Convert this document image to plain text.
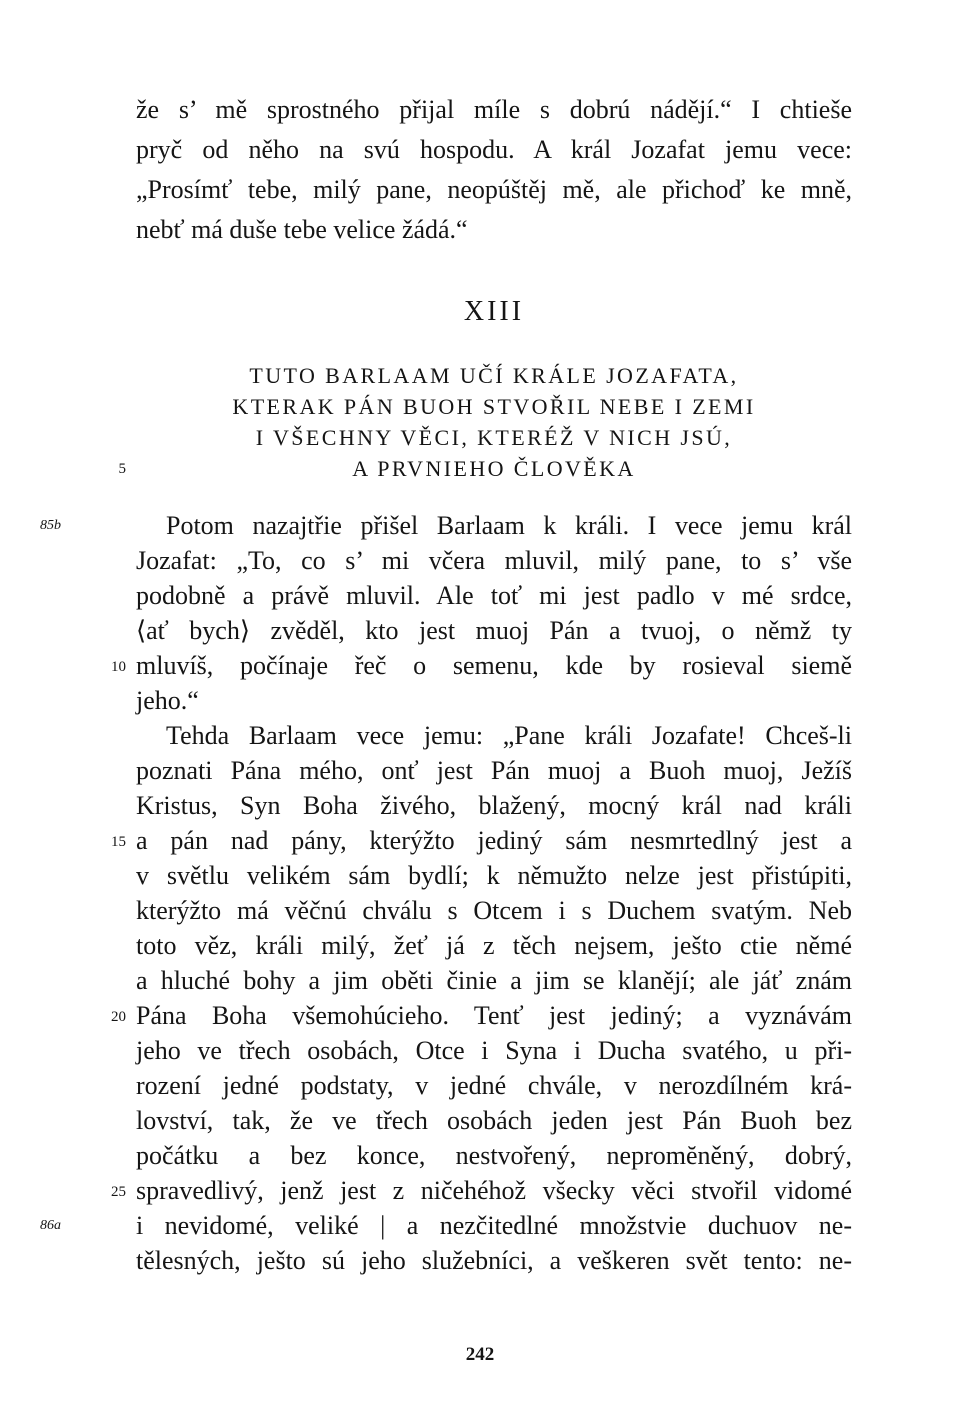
že s’ mě sprostného přijal míle s dobrú nádějí.“ I chtieše
pryč od něho na svú hospodu. A král Jozafat jemu vece:
„Prosímť tebe, milý pane, neopúštěj mě, ale přichoď ke mně,
nebť má duše tebe velice žádá.“
XIII
TUTO BARLAAM UČÍ KRÁLE JOZAFATA,
KTERAK PÁN BUOH STVOŘIL NEBE I ZEMI
I VŠECHNY VĚCI, KTERÉŽ V NICH JSÚ,
A PRVNIEHO ČLOVĚKA
5
85b
10
15
20
25
86a
Potom nazajtřie přišel Barlaam k králi. I vece jemu král
Jozafat: „To, co s’ mi včera mluvil, milý pane, to s’ vše
podobně a právě mluvil. Ale toť mi jest padlo v mé srdce,
⟨ať bych⟩ zvěděl, kto jest muoj Pán a tvuoj, o němž ty
mluvíš, počínaje řeč o semenu, kde by rosieval siemě
jeho.“
Tehda Barlaam vece jemu: „Pane králi Jozafate! Chceš-li
poznati Pána mého, onť jest Pán muoj a Buoh muoj, Ježíš
Kristus, Syn Boha živého, blažený, mocný král nad králi
a pán nad pány, kterýžto jediný sám nesmrtedlný jest a
v světlu velikém sám bydlí; k němužto nelze jest přistúpiti,
kterýžto má věčnú chválu s Otcem i s Duchem svatým. Neb
toto věz, králi milý, žeť já z těch nejsem, ješto ctie němé
a hluché bohy a jim oběti činie a jim se klanějí; ale jáť znám
Pána Boha všemohúcieho. Tenť jest jediný; a vyznávám
jeho ve třech osobách, Otce i Syna i Ducha svatého, u při-
rození jedné podstaty, v jedné chvále, v nerozdílném krá-
lovství, tak, že ve třech osobách jeden jest Pán Buoh bez
počátku a bez konce, nestvořený, nepromĕněný, dobrý,
spravedlivý, jenž jest z ničehéhož všecky věci stvořil vidomé
i nevidomé, veliké | a nezčitedlné množstvie duchuov ne-
tělesných, ješto sú jeho služebníci, a veškeren svět tento: ne-
242
